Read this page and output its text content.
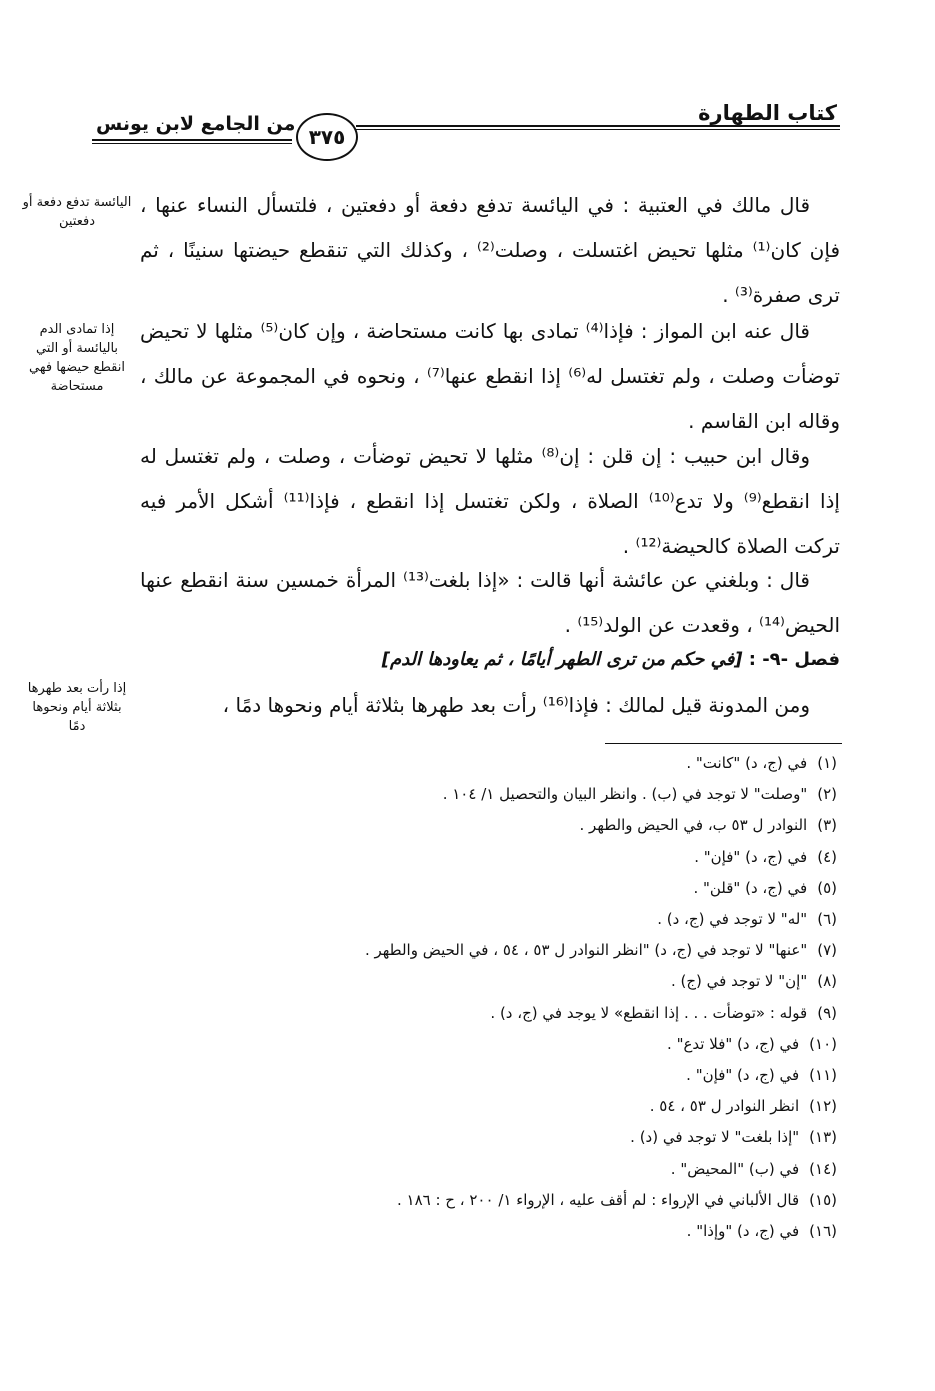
كتاب الطهارة
٣٧٥
من الجامع لابن يونس
اليائسة تدفع دفعة أو دفعتين
إذا تمادى الدم باليائسة أو التي انقطع حيضها فهي مستحاضة
إذا رأت بعد طهرها بثلاثة أيام ونحوها دمًا

قال مالك في العتبية : في اليائسة تدفع دفعة أو دفعتين ، فلتسأل النساء عنها ، فإن كان⁽¹⁾ مثلها تحيض اغتسلت ، وصلت⁽²⁾ ، وكذلك التي تنقطع حيضتها سنينًا ، ثم ترى صفرة⁽³⁾ .

قال عنه ابن المواز : فإذا⁽⁴⁾ تمادى بها كانت مستحاضة ، وإن كان⁽⁵⁾ مثلها لا تحيض توضأت وصلت ، ولم تغتسل له⁽⁶⁾ إذا انقطع عنها⁽⁷⁾ ، ونحوه في المجموعة عن مالك ، وقاله ابن القاسم .

وقال ابن حبيب : إن قلن : إن⁽⁸⁾ مثلها لا تحيض توضأت ، وصلت ، ولم تغتسل له إذا انقطع⁽⁹⁾ ولا تدع⁽¹⁰⁾ الصلاة ، ولكن تغتسل إذا انقطع ، فإذا⁽¹¹⁾ أشكل الأمر فيه تركت الصلاة كالحيضة⁽¹²⁾ .

قال : وبلغني عن عائشة أنها قالت : «إذا بلغت⁽¹³⁾ المرأة خمسين سنة انقطع عنها الحيض⁽¹⁴⁾ ، وقعدت عن الولد⁽¹⁵⁾ .

فصل -٩- : [في حكم من ترى الطهر أيامًا ، ثم يعاودها الدم]

ومن المدونة قيل لمالك : فإذا⁽¹⁶⁾ رأت بعد طهرها بثلاثة أيام ونحوها دمًا ،

(١)في (ج، د) "كانت" .
(٢)"وصلت" لا توجد في (ب) . وانظر البيان والتحصيل ١/ ١٠٤ .
(٣)النوادر ل ٥٣ ب، في الحيض والطهر .
(٤)في (ج، د) "فإن" .
(٥)في (ج، د) "قلن" .
(٦)"له" لا توجد في (ج، د) .
(٧)"عنها" لا توجد في (ج، د) "انظر النوادر ل ٥٣ ، ٥٤ ، في الحيض والطهر .
(٨)"إن" لا توجد في (ج) .
(٩)قوله : «توضأت . . . إذا انقطع» لا يوجد في (ج، د) .
(١٠)في (ج، د) "فلا تدع" .
(١١)في (ج، د) "فإن" .
(١٢)انظر النوادر ل ٥٣ ، ٥٤ .
(١٣)"إذا بلغت" لا توجد في (د) .
(١٤)في (ب) "المحيض" .
(١٥)قال الألباني في الإرواء : لم أقف عليه ، الإرواء ١/ ٢٠٠ ، ح : ١٨٦ .
(١٦)في (ج، د) "وإذا" .
